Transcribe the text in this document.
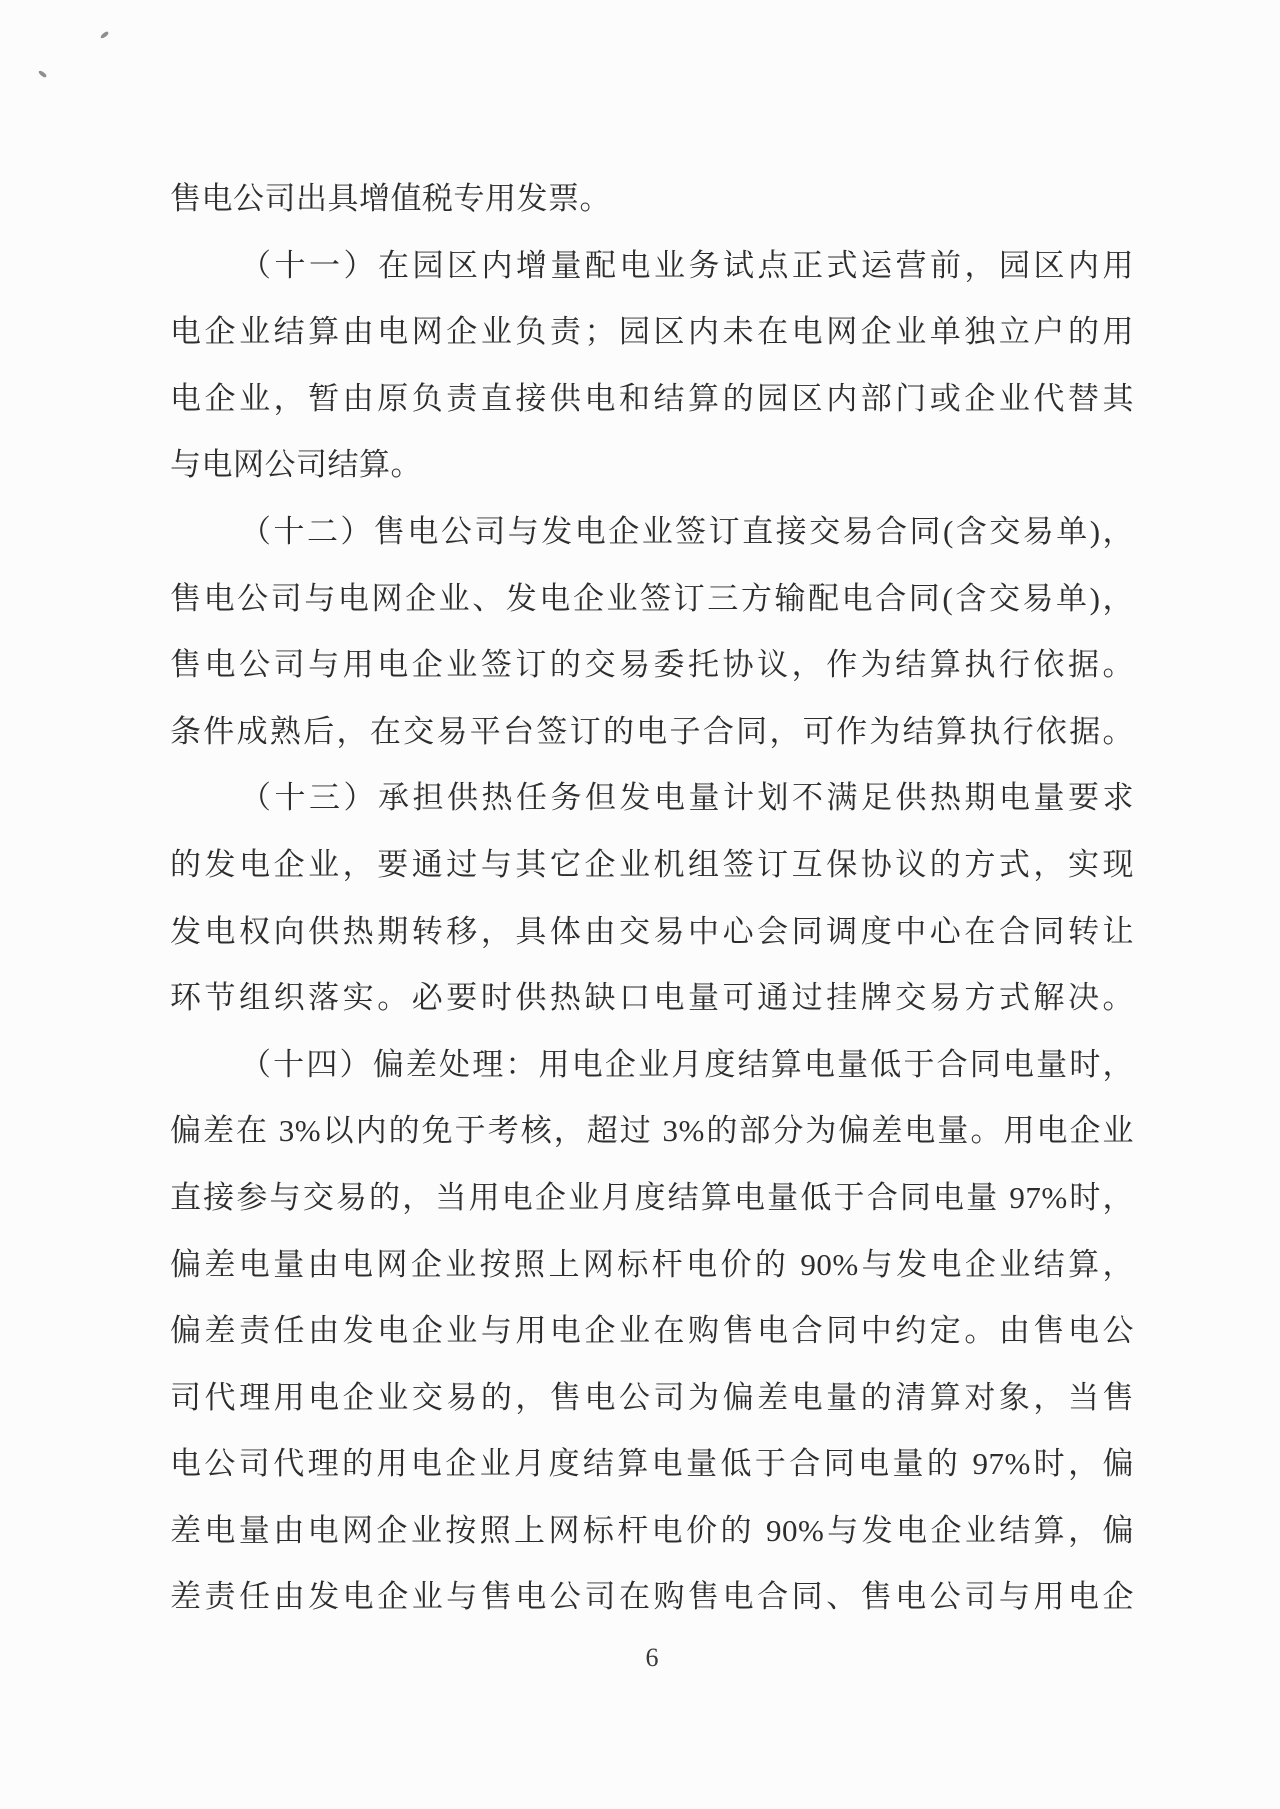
售电公司出具增值税专用发票。
（十一）在园区内增量配电业务试点正式运营前，园区内用
电企业结算由电网企业负责；园区内未在电网企业单独立户的用
电企业，暂由原负责直接供电和结算的园区内部门或企业代替其
与电网公司结算。
（十二）售电公司与发电企业签订直接交易合同(含交易单)，
售电公司与电网企业、发电企业签订三方输配电合同(含交易单)，
售电公司与用电企业签订的交易委托协议，作为结算执行依据。
条件成熟后，在交易平台签订的电子合同，可作为结算执行依据。
（十三）承担供热任务但发电量计划不满足供热期电量要求
的发电企业，要通过与其它企业机组签订互保协议的方式，实现
发电权向供热期转移，具体由交易中心会同调度中心在合同转让
环节组织落实。必要时供热缺口电量可通过挂牌交易方式解决。
（十四）偏差处理：用电企业月度结算电量低于合同电量时，
偏差在 3%以内的免于考核，超过 3%的部分为偏差电量。用电企业
直接参与交易的，当用电企业月度结算电量低于合同电量 97%时，
偏差电量由电网企业按照上网标杆电价的 90%与发电企业结算，
偏差责任由发电企业与用电企业在购售电合同中约定。由售电公
司代理用电企业交易的，售电公司为偏差电量的清算对象，当售
电公司代理的用电企业月度结算电量低于合同电量的 97%时，偏
差电量由电网企业按照上网标杆电价的 90%与发电企业结算，偏
差责任由发电企业与售电公司在购售电合同、售电公司与用电企
6
